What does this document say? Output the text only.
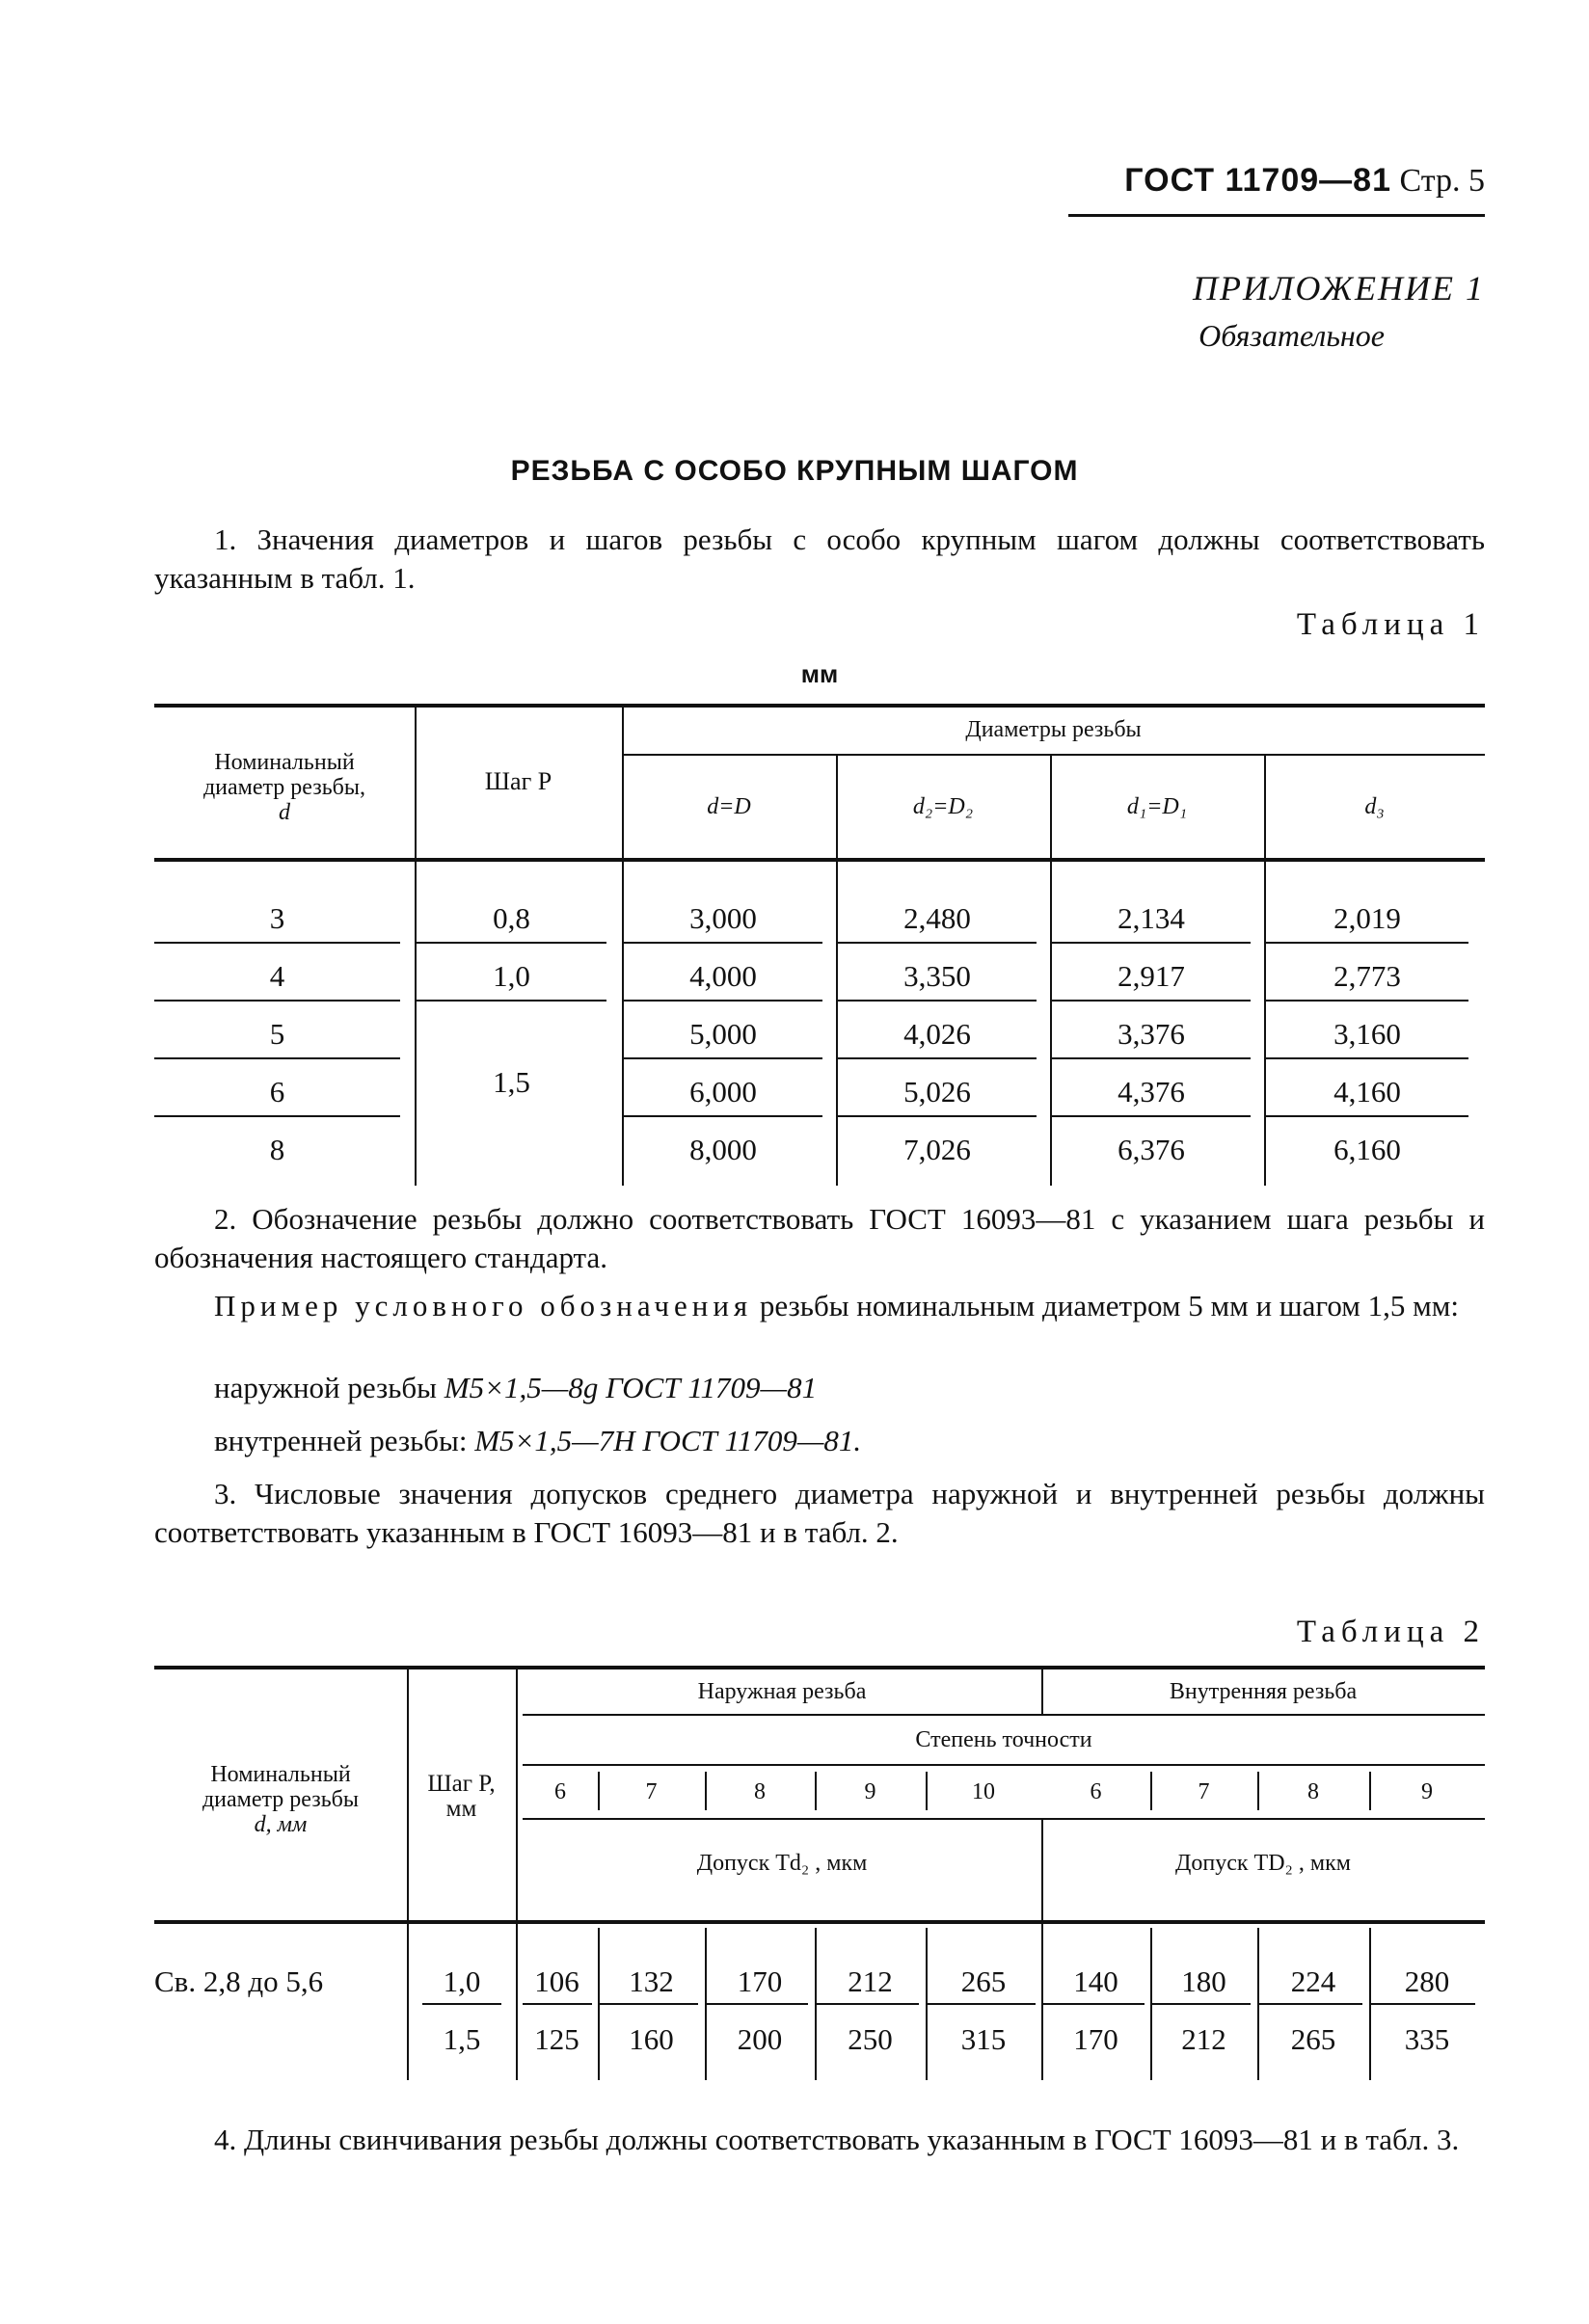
ГОСТ 11709—81 Стр. 5
ПРИЛОЖЕНИЕ 1
Обязательное
РЕЗЬБА С ОСОБО КРУПНЫМ ШАГОМ
1. Значения диаметров и шагов резьбы с особо крупным шагом должны соответствовать указанным в табл. 1.
Таблица 1
мм
Номинальный
диаметр резьбы,
d
Шаг P
Диаметры резьбы
d=D	d₂=D₂	d₁=D₁	d₃
3	0,8	3,000	2,480	2,134	2,019
4	1,0	4,000	3,350	2,917	2,773
5	5,000	4,026	3,376	3,160
6	1,5	6,000	5,026	4,376	4,160
8	8,000	7,026	6,376	6,160
2. Обозначение резьбы должно соответствовать ГОСТ 16093—81 с указанием шага резьбы и обозначения настоящего стандарта.
Пример условного обозначения резьбы номинальным диаметром 5 мм и шагом 1,5 мм:
наружной резьбы М5×1,5—8g ГОСТ 11709—81
внутренней резьбы: М5×1,5—7H ГОСТ 11709—81.
3. Числовые значения допусков среднего диаметра наружной и внутренней резьбы должны соответствовать указанным в ГОСТ 16093—81 и в табл. 2.
Таблица 2
Номинальный
диаметр резьбы
d, мм
Шаг P,
мм
Наружная резьба	Внутренняя резьба
Степень точности
6	7	8	9	10	6	7	8	9
Допуск Td₂ , мкм	Допуск TD₂ , мкм
Св. 2,8 до 5,6	1,0	106	132	170	212	265	140	180	224	280
1,5	125	160	200	250	315	170	212	265	335
4. Длины свинчивания резьбы должны соответствовать указанным в ГОСТ 16093—81 и в табл. 3.
